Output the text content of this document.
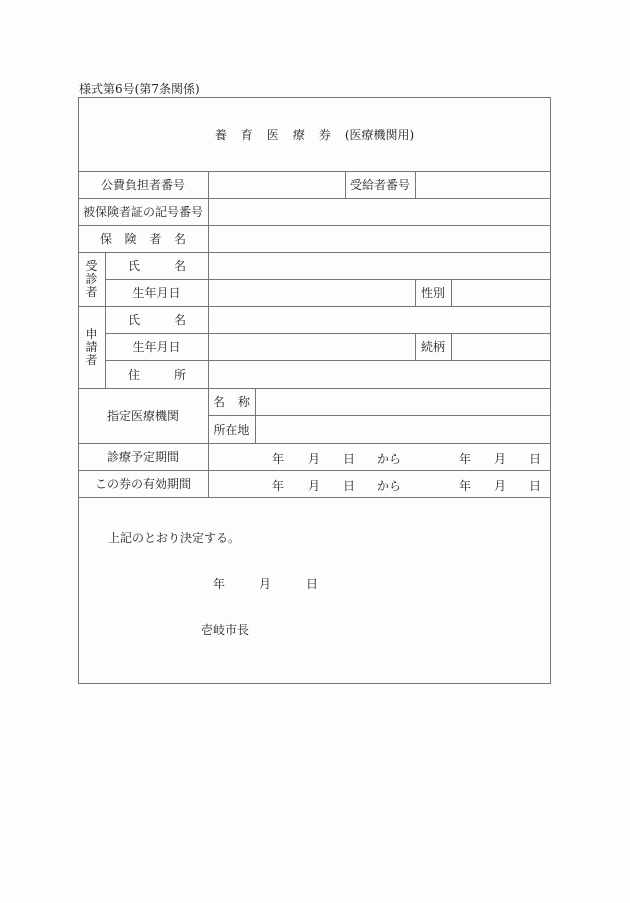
様式第6号(第7条関係)
養 育 医 療 券 (医療機関用)
公費負担者番号	受給者番号
被保険者証の記号番号
保 険 者 名
受
診
者
氏	名
生年月日	性別
申
請
者
氏	名
生年月日	続柄
住	所
指定医療機関
名 称
所在地
診療予定期間	年 月 日 から	年 月 日
この券の有効期間	年 月 日 から	年 月 日
上記のとおり決定する。
年	月	日
壱岐市長
